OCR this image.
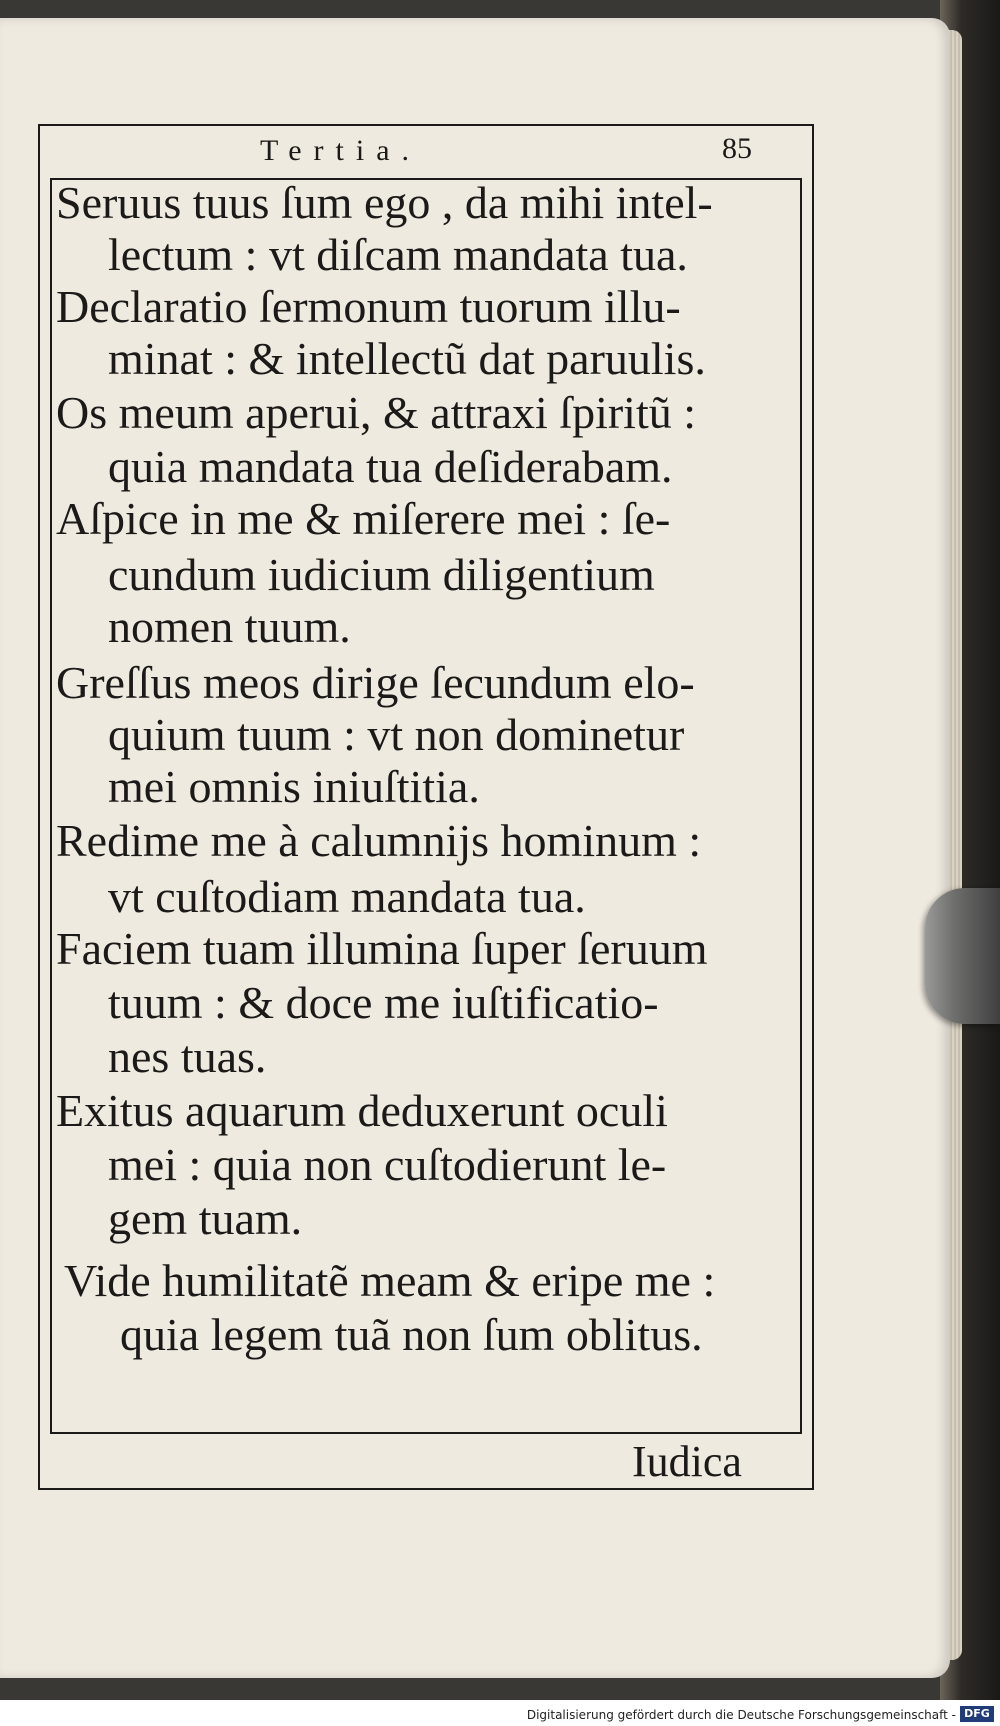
Tertia.	85
Seruus tuus ſum ego , da mihi intel-
lectum : vt diſcam mandata tua.
Declaratio ſermonum tuorum illu-
minat : & intellectũ dat paruulis.
Os meum aperui, & attraxi ſpiritũ :
quia mandata tua deſiderabam.
Aſpice in me & miſerere mei : ſe-
cundum iudicium diligentium
nomen tuum.
Greſſus meos dirige ſecundum elo-
quium tuum : vt non dominetur
mei omnis iniuſtitia.
Redime me à calumnijs hominum :
vt cuſtodiam mandata tua.
Faciem tuam illumina ſuper ſeruum
tuum : & doce me iuſtificatio-
nes tuas.
Exitus aquarum deduxerunt oculi
mei : quia non cuſtodierunt le-
gem tuam.
Vide humilitatẽ meam & eripe me :
quia legem tuã non ſum oblitus.
Iudica
Digitalisierung gefördert durch die Deutsche Forschungsgemeinschaft - DFG
